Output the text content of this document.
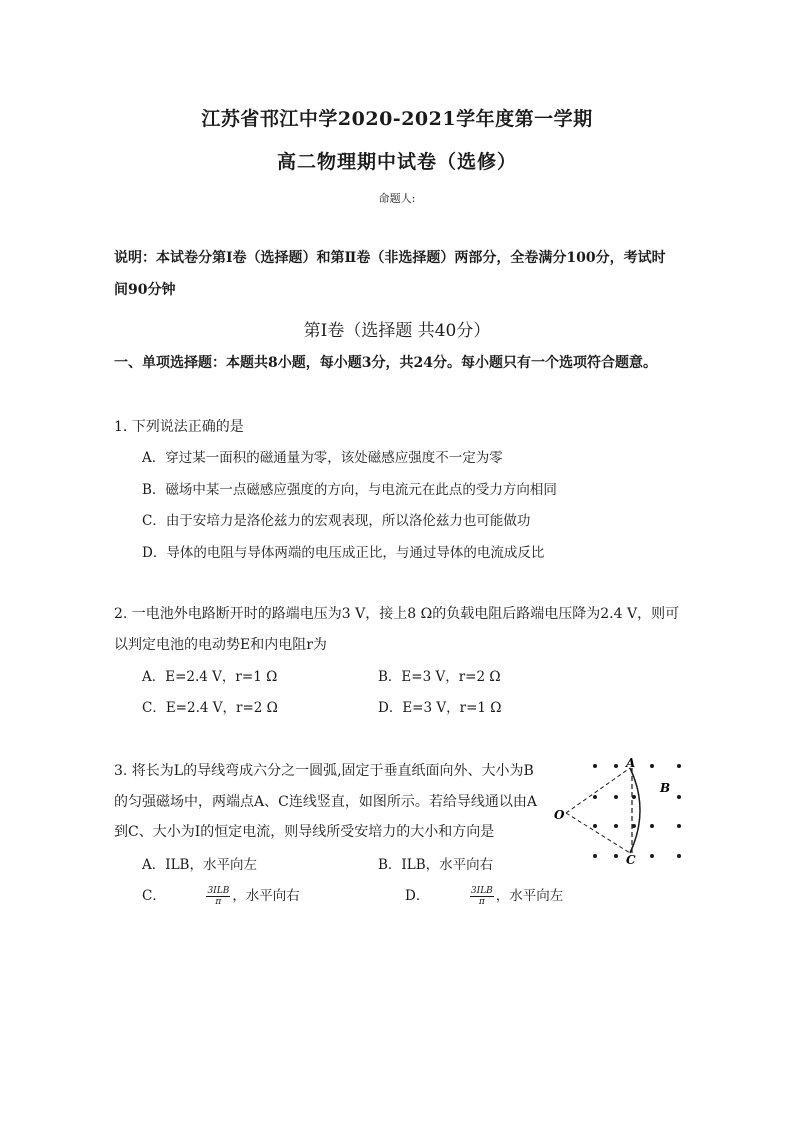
江苏省邗江中学2020-2021学年度第一学期
高二物理期中试卷（选修）
命题人:
说明：本试卷分第Ⅰ卷（选择题）和第Ⅱ卷（非选择题）两部分，全卷满分100分，考试时
间90分钟
第Ⅰ卷（选择题 共40分）
一、单项选择题：本题共8小题，每小题3分，共24分。每小题只有一个选项符合题意。
1. 下列说法正确的是
A．穿过某一面积的磁通量为零，该处磁感应强度不一定为零
B．磁场中某一点磁感应强度的方向，与电流元在此点的受力方向相同
C．由于安培力是洛伦兹力的宏观表现，所以洛伦兹力也可能做功
D．导体的电阻与导体两端的电压成正比，与通过导体的电流成反比
2. 一电池外电路断开时的路端电压为3 V，接上8 Ω的负载电阻后路端电压降为2.4 V，则可
以判定电池的电动势E和内电阻r为
A．E=2.4 V，r=1 Ω	B．E=3 V，r=2 Ω
C．E=2.4 V，r=2 Ω	D．E=3 V，r=1 Ω
3. 将长为L的导线弯成六分之一圆弧,固定于垂直纸面向外、大小为B
的匀强磁场中，两端点A、C连线竖直，如图所示。若给导线通以由A
到C、大小为I的恒定电流，则导线所受安培力的大小和方向是
A．ILB，水平向左	B．ILB，水平向右
C．	$\frac{\text{3ILB}}{\pi}$ ，水平向右	D．	$\frac{\text{3ILB}}{\pi}$ ，水平向左
A
B
C
O
